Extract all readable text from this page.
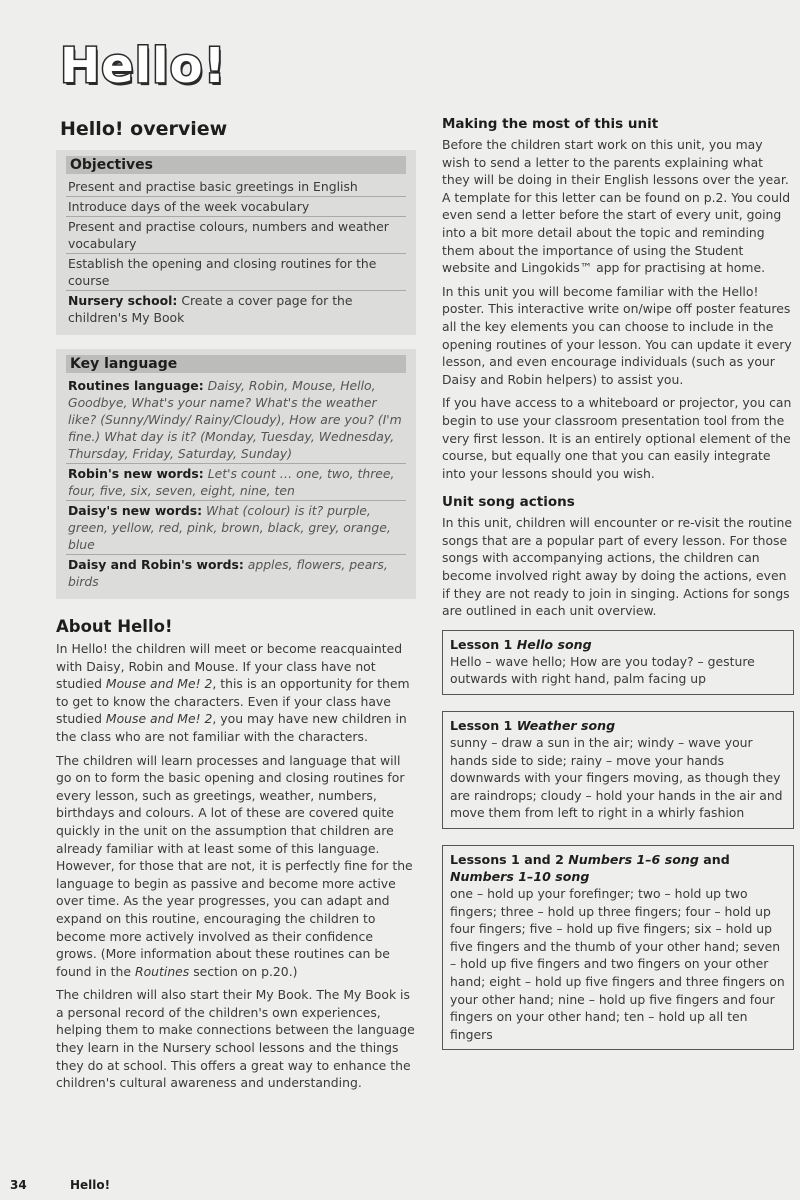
Hello!
Hello! overview
Objectives
Present and practise basic greetings in English
Introduce days of the week vocabulary
Present and practise colours, numbers and weather vocabulary
Establish the opening and closing routines for the course
Nursery school: Create a cover page for the children's My Book
Key language
Routines language: Daisy, Robin, Mouse, Hello, Goodbye, What's your name? What's the weather like? (Sunny/Windy/ Rainy/Cloudy), How are you? (I'm fine.) What day is it? (Monday, Tuesday, Wednesday, Thursday, Friday, Saturday, Sunday)
Robin's new words: Let's count … one, two, three, four, five, six, seven, eight, nine, ten
Daisy's new words: What (colour) is it? purple, green, yellow, red, pink, brown, black, grey, orange, blue
Daisy and Robin's words: apples, flowers, pears, birds
About Hello!

In Hello! the children will meet or become reacquainted with Daisy, Robin and Mouse. If your class have not studied Mouse and Me! 2, this is an opportunity for them to get to know the characters. Even if your class have studied Mouse and Me! 2, you may have new children in the class who are not familiar with the characters.

The children will learn processes and language that will go on to form the basic opening and closing routines for every lesson, such as greetings, weather, numbers, birthdays and colours. A lot of these are covered quite quickly in the unit on the assumption that children are already familiar with at least some of this language. However, for those that are not, it is perfectly fine for the language to begin as passive and become more active over time. As the year progresses, you can adapt and expand on this routine, encouraging the children to become more actively involved as their confidence grows. (More information about these routines can be found in the Routines section on p.20.)

The children will also start their My Book. The My Book is a personal record of the children's own experiences, helping them to make connections between the language they learn in the Nursery school lessons and the things they do at school. This offers a great way to enhance the children's cultural awareness and understanding.

Making the most of this unit

Before the children start work on this unit, you may wish to send a letter to the parents explaining what they will be doing in their English lessons over the year. A template for this letter can be found on p.2. You could even send a letter before the start of every unit, going into a bit more detail about the topic and reminding them about the importance of using the Student website and Lingokids™ app for practising at home.

In this unit you will become familiar with the Hello! poster. This interactive write on/wipe off poster features all the key elements you can choose to include in the opening routines of your lesson. You can update it every lesson, and even encourage individuals (such as your Daisy and Robin helpers) to assist you.

If you have access to a whiteboard or projector, you can begin to use your classroom presentation tool from the very first lesson. It is an entirely optional element of the course, but equally one that you can easily integrate into your lessons should you wish.

Unit song actions

In this unit, children will encounter or re-visit the routine songs that are a popular part of every lesson. For those songs with accompanying actions, the children can become involved right away by doing the actions, even if they are not ready to join in singing. Actions for songs are outlined in each unit overview.

Lesson 1 Hello song
Hello – wave hello; How are you today? – gesture outwards with right hand, palm facing up
Lesson 1 Weather song
sunny – draw a sun in the air; windy – wave your hands side to side; rainy – move your hands downwards with your fingers moving, as though they are raindrops; cloudy – hold your hands in the air and move them from left to right in a whirly fashion
Lessons 1 and 2 Numbers 1–6 song and Numbers 1–10 song
one – hold up your forefinger; two – hold up two fingers; three – hold up three fingers; four – hold up four fingers; five – hold up five fingers; six – hold up five fingers and the thumb of your other hand; seven – hold up five fingers and two fingers on your other hand; eight – hold up five fingers and three fingers on your other hand; nine – hold up five fingers and four fingers on your other hand; ten – hold up all ten fingers
34	Hello!
